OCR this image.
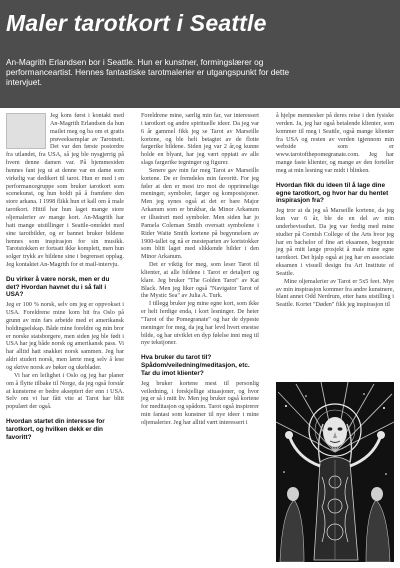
Maler tarotkort i Seattle

An-Magrith Erlandsen bor i Seattle. Hun er kunstner, formingslærer og performanceartist. Hennes fantastiske tarotmalerier er utgangspunkt for dette intervjuet.

Jeg kom først i kontakt med An-Magrith Erlandsen da hun mailet meg og ba om et gratis prøveeksemplar av Tarotnett. Det var den første postordre fra utlandet, fra USA, så jeg ble nysgjerrig på hvem denne damen var. På hjemmesiden hennes fant jeg ut at denne var en dame som virkelig var dedikert til tarot. Hun er med i en performancegruppe som bruker tarotkort som scenekunst, og hun holdt på å framføre den store arkana. I 1998 flikk hun et kall om å male tarotkort. Hittil har hun laget mange store oljemalerier av mange kort. An-Magrith har hatt mange utstillinger i Seattle-området med sine tarotbilder, og er bannet bruker bildene hennes som inspirasjon for sin musikk. Tarotstokken er fortsatt ikke komplett, men hun solger trykk av bildene sine i begrenset opplag. Jeg kontaktet An-Magrith for et mail-intervju.

Du virker å være norsk, men er du det? Hvordan havnet du i så fall i USA?

Jeg er 100 % norsk, selv om jeg er oppvokset i USA. Foreldrene mine kom hit fra Oslo på grunn av min fars arbeide med et amerikansk holdingselskap. Både mine foreldre og min bror er norske statsborgere, men siden jeg ble født i USA har jeg både norsk og amerikansk pass. Vi har alltid hatt snakket norsk sammen. Jeg har aldri studert norsk, men lærte meg selv å lese og skrive norsk av bøker og ukeblader.

Vi har en leilighet i Oslo og jeg har planer om å flytte tilbake til Norge, da jeg også forstår at kunsterne er bedre akseptert der enn i USA. Selv om vi har fått vite at Tarot har blitt populært der også.

Hvordan startet din interesse for tarotkort, og hvilken dekk er din favoritt?

Foreldrene mine, særlig min far, var interessert i tarotkort og andre spirituelle ideer. Da jeg var 6 år gammel fikk jeg se Tarot av Marseille kortene, og ble helt betagtet av de flotte fargerike bildene. Siden jeg var 2 år,og kunne holde en blyant, har jeg vært opptatt av alle slags fargerike tegninger og figurer.

Senere gav min far meg Tarot av Marseille kortene. De er fremdeles min favoritt. For jeg føler at den er mest tro mot de opprinnelige meninger, symboler, farger og komposisjoner. Men jeg synes også at det er bare Major Arkanum som er brukbar, da Minor Arkanum er illustrert med symboler. Men siden har jo Pamela Coleman Smith oversatt symbolene i Rider Waite Smith kortene på begynnelsen av 1900-tallet og nå er mesteparten av kortstokker som blitt laget med slikkende bilder i den Minor Arkanum.

Det er viktig for meg, som leser Tarot til klienter, at alle bildene i Tarot er detaljert og klare. Jeg bruker "The Golden Tarot" av Kat Black. Men jeg liker også "Navigator Tarot of the Mystic Sea" av Julia A. Turk.

I tillegg bruker jeg mine egne kort, som ikke er helt ferdige enda, i kort lesninger. De heter "Tarot of the Pomegranate" og har de dypeste meninger for meg, da jeg har levd hvert enestse bilde, og har utviklet en dyp følelse inni meg til nye tekstjoner.

Hva bruker du tarot til? Spådom/veiledning/meditasjon, etc. Tar du imot klienter?

Jeg bruker kortene mest til personlig veiledning, i forskjellige situasjoner, og hvor jeg er så i mitt liv. Men jeg bruker også kortene for meditasjon og spådom. Tarot også inspirerer min fantasi som kunstner til nye ideer i mine oljemalerier. Jeg har alltid vært interessert i

å hjelpe mennesker på deres reise i den fysiske verden. Ja, jeg har også betalende klienter, som kommer til meg i Seattle, også mange klienter fra USA og resten av verden igjennom min webside som er www.tarotofthepomegranate.com. Jeg har mange faste klienter, og mange av den forteller meg at min lesning var midt i blinken.

Hvordan fikk du ideen til å lage dine egne tarotkort, og hvor har du hentet inspirasjon fra?

Jeg tror at da jeg så Marseille kortene, da jeg kun var 6 år, ble de en del av min underbevissthet. Da jeg var ferdig med mine studier på Cornish College of the Arts hvor jeg har en bachelor of fine art eksamen, begynnte jeg på mitt lange prosjekt å male mine egne tarotkort. Det hjalp også at jeg har en associate eksamen i visuell design fra Art Institute of Seattle.

Mine oljemalerier av Tarot er 5x5 feet. Mye av min inspirasjon kommer fra andre kunstnere, blant annet Odd Nerdrum, etter hans utstilling i Seattle. Kortet "Døden" fikk jeg inspirasjon til
